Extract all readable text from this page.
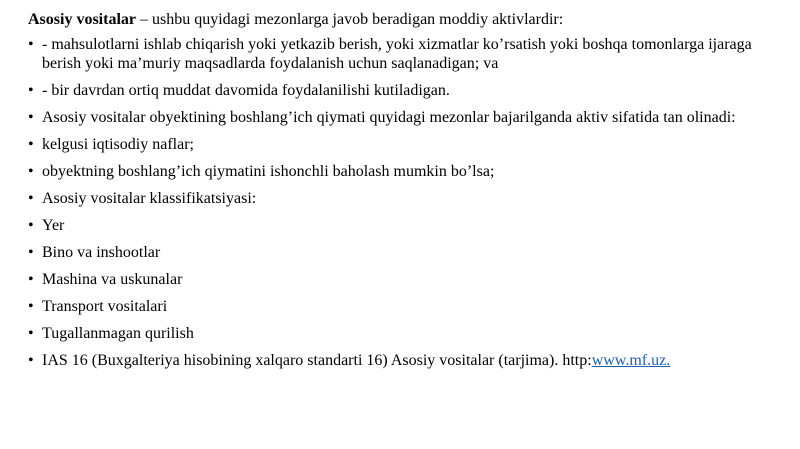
Asosiy vositalar – ushbu quyidagi mezonlarga javob beradigan moddiy aktivlardir:

• - mahsulotlarni ishlab chiqarish yoki yetkazib berish, yoki xizmatlar ko’rsatish yoki boshqa tomonlarga ijaraga berish yoki ma’muriy maqsadlarda foydalanish uchun saqlanadigan; va
• - bir davrdan ortiq muddat davomida foydalanilishi kutiladigan.
• Asosiy vositalar obyektining boshlang’ich qiymati quyidagi mezonlar bajarilganda aktiv sifatida tan olinadi:
• kelgusi iqtisodiy naflar;
• obyektning boshlang’ich qiymatini ishonchli baholash mumkin bo’lsa;
• Asosiy vositalar klassifikatsiyasi:
• Yer
• Bino va inshootlar
• Mashina va uskunalar
• Transport vositalari
• Tugallanmagan qurilish
• IAS 16 (Buxgalteriya hisobining xalqaro standarti 16) Asosiy vositalar (tarjima). http:www.mf.uz.
